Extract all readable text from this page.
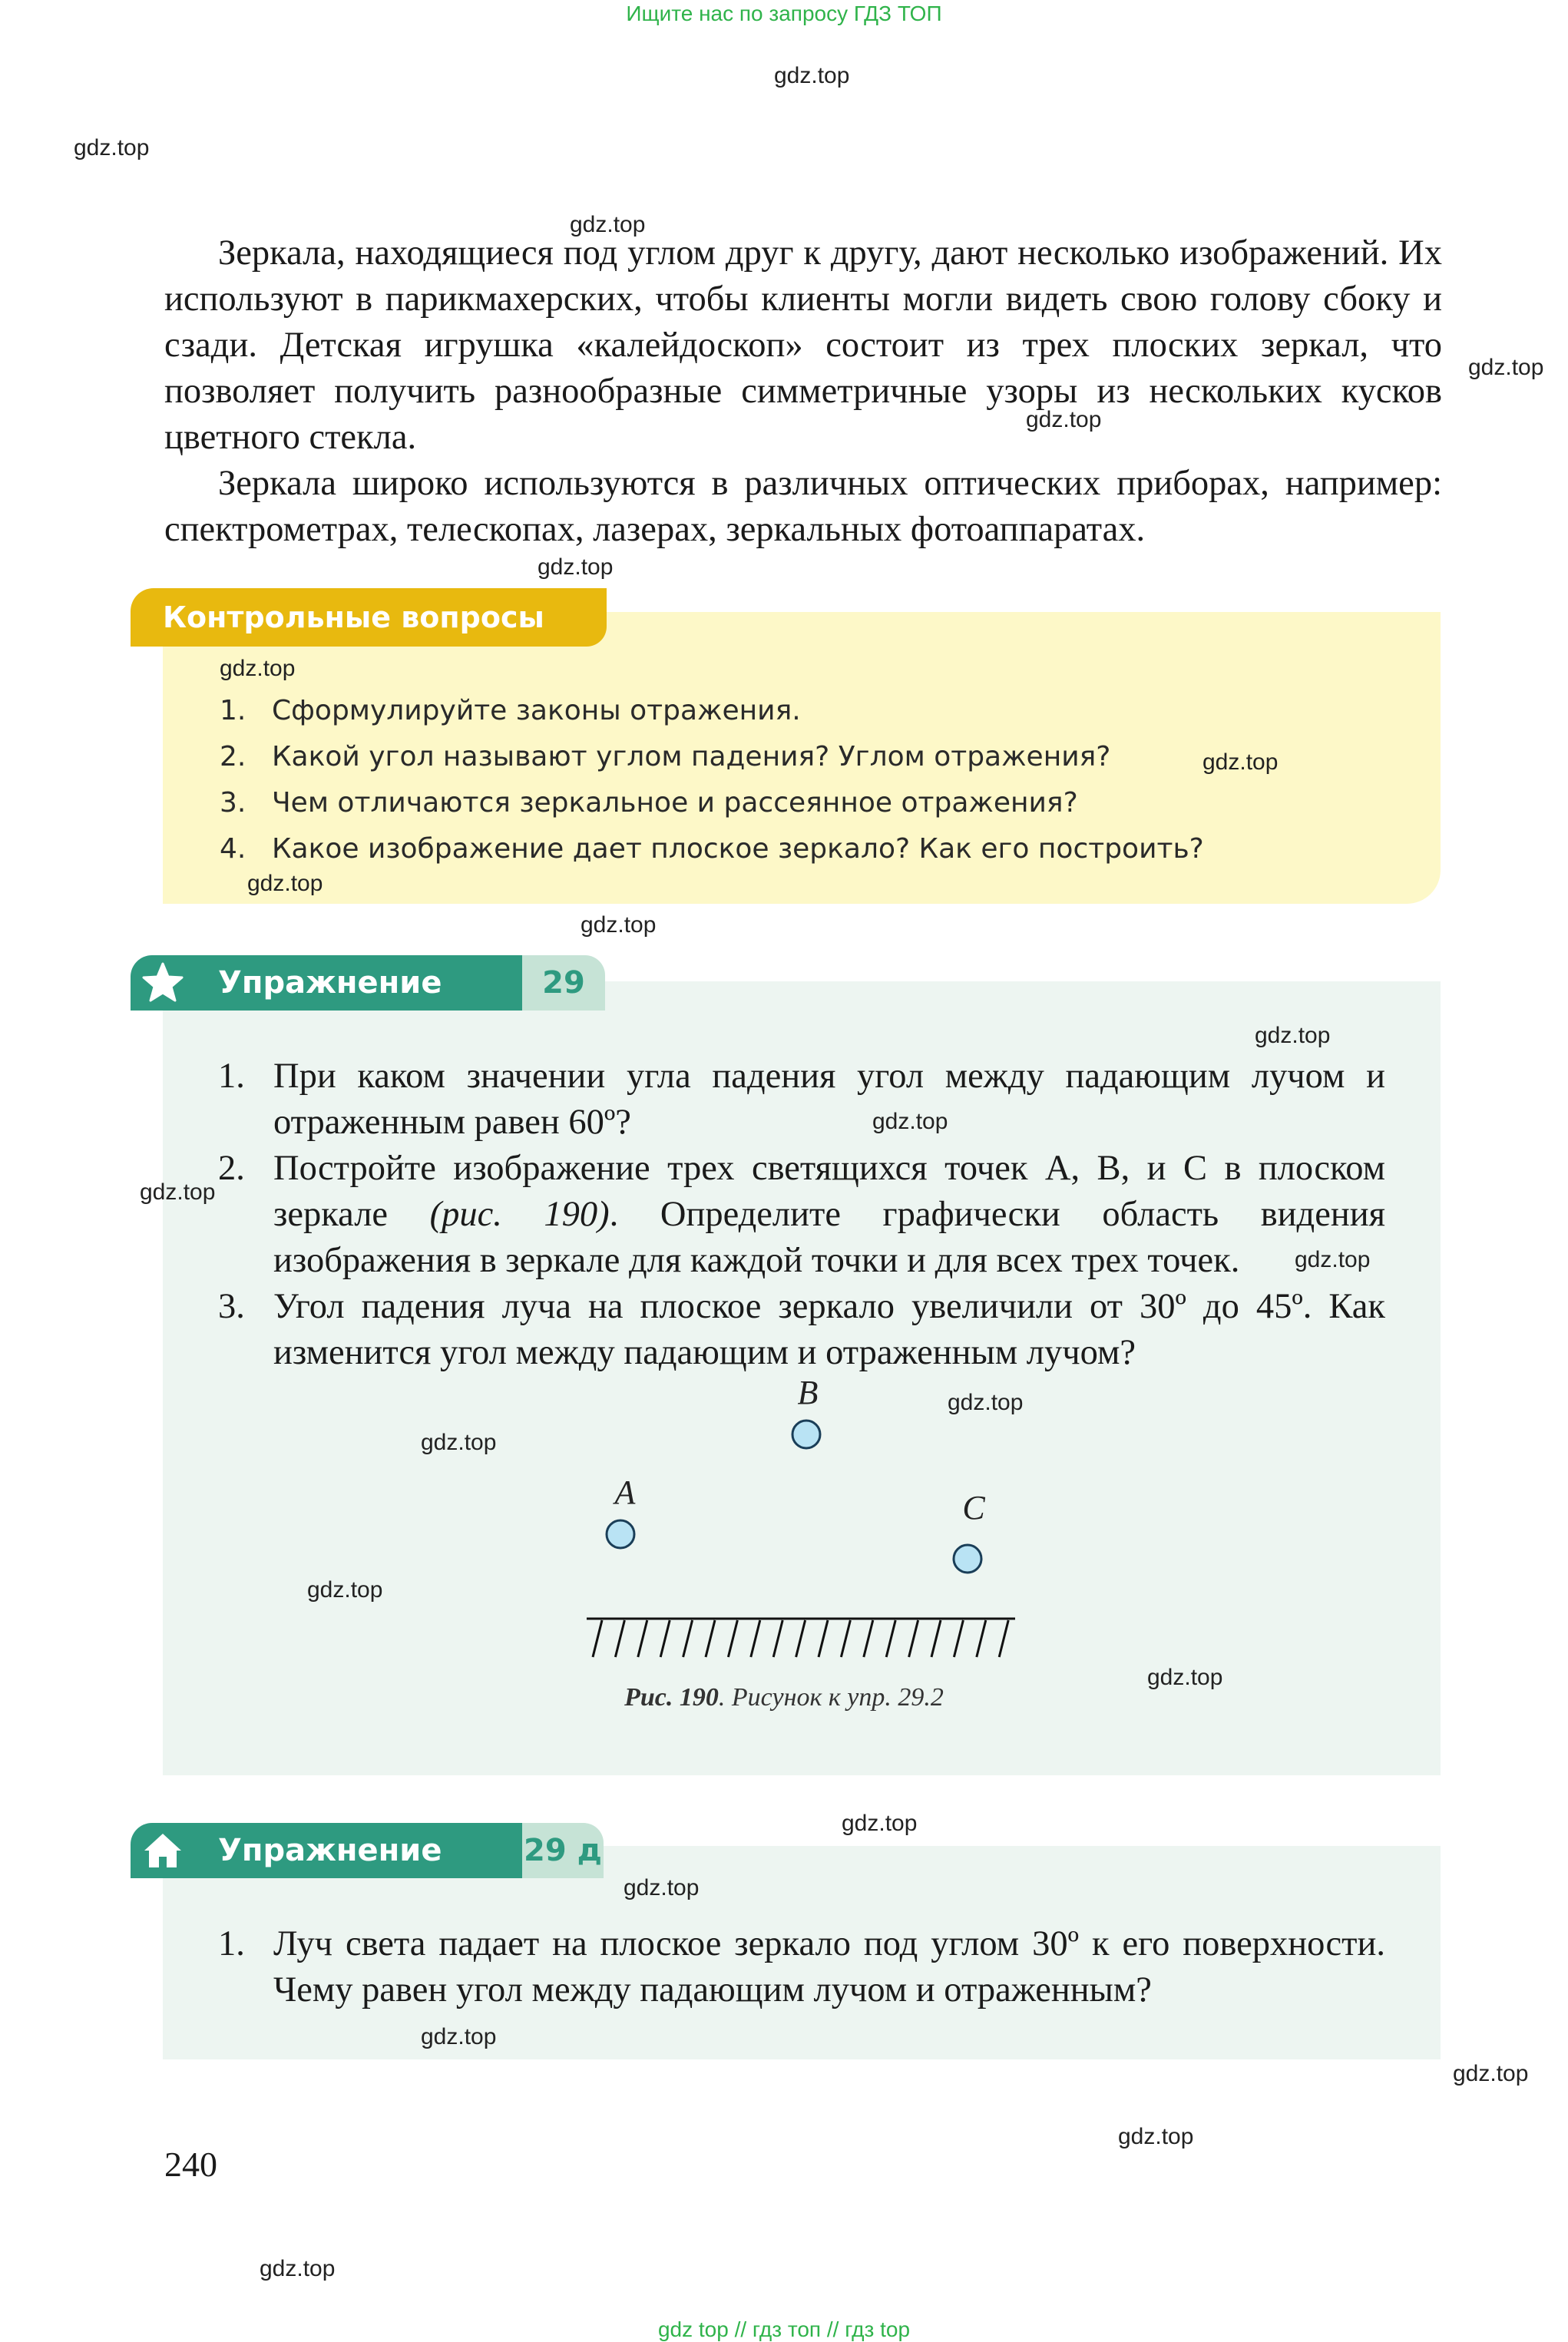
Ищите нас по запросу ГДЗ ТОП
gdz top // гдз топ // гдз top

Зеркала, находящиеся под углом друг к другу, дают несколько изображений. Их используют в парикмахерских, чтобы клиенты могли видеть свою голову сбоку и сзади. Детская игрушка «калейдоскоп» состоит из трех плоских зеркал, что позволяет получить разнообразные симметричные узоры из нескольких кусков цветного стекла.

Зеркала широко используются в различных оптических приборах, например: спектрометрах, телескопах, лазерах, зеркальных фотоаппаратах.

Контрольные вопросы
1. Сформулируйте законы отражения.
2. Какой угол называют углом падения? Углом отражения?
3. Чем отличаются зеркальное и рассеянное отражения?
4. Какое изображение дает плоское зеркало? Как его построить?
Упражнение	29
1. При каком значении угла падения угол между падающим лучом и отраженным равен 60º?
2. Постройте изображение трех светящихся точек A, B, и C в плоском зеркале (рис. 190). Определите графически область видения изображения в зеркале для каждой точки и для всех трех точек.
3. Угол падения луча на плоское зеркало увеличили от 30º до 45º. Как изменится угол между падающим и отраженным лучом?
B
A	C
Рис. 190. Рисунок к упр. 29.2
Упражнение	29 д
1. Луч света падает на плоское зеркало под углом 30º к его поверхности. Чему равен угол между падающим лучом и отраженным?
240
gdz.top
gdz.top
gdz.top
gdz.top
gdz.top
gdz.top
gdz.top
gdz.top
gdz.top
gdz.top
gdz.top
gdz.top
gdz.top
gdz.top
gdz.top
gdz.top
gdz.top
gdz.top
gdz.top
gdz.top
gdz.top
gdz.top
gdz.top
gdz.top
